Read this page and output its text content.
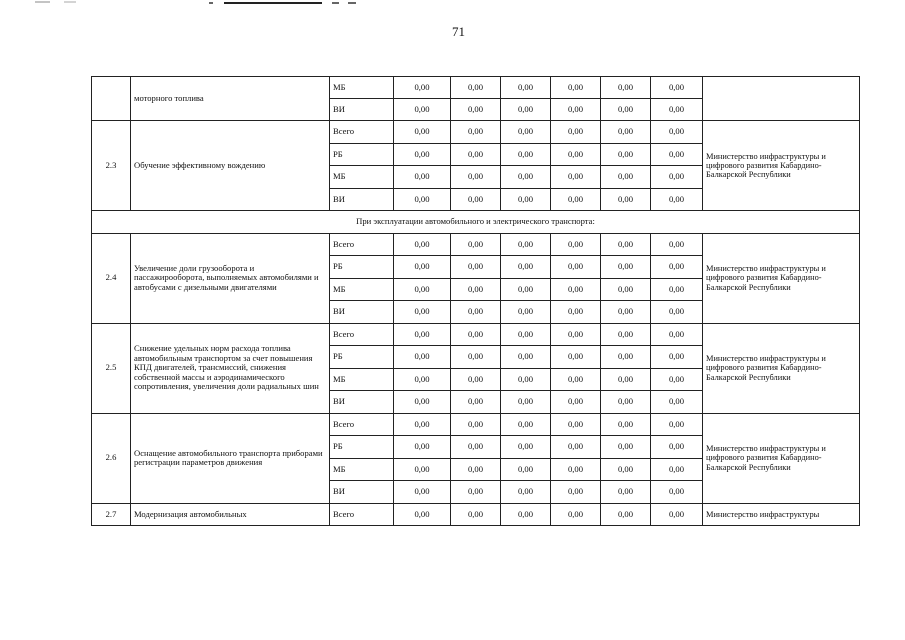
71
	моторного топлива	МБ	0,00	0,00	0,00	0,00	0,00	0,00	
		ВИ	0,00	0,00	0,00	0,00	0,00	0,00	
2.3	Обучение эффективному вождению	Всего	0,00	0,00	0,00	0,00	0,00	0,00	Министерство инфраструктуры и цифрового развития Кабардино-Балкарской Республики
		РБ	0,00	0,00	0,00	0,00	0,00	0,00	
		МБ	0,00	0,00	0,00	0,00	0,00	0,00	
		ВИ	0,00	0,00	0,00	0,00	0,00	0,00	
При эксплуатации автомобильного и электрического транспорта:									
2.4	Увеличение доли грузооборота и пассажирооборота, выполняемых автомобилями и автобусами с дизельными двигателями	Всего	0,00	0,00	0,00	0,00	0,00	0,00	Министерство инфраструктуры и цифрового развития Кабардино-Балкарской Республики
		РБ	0,00	0,00	0,00	0,00	0,00	0,00	
		МБ	0,00	0,00	0,00	0,00	0,00	0,00	
		ВИ	0,00	0,00	0,00	0,00	0,00	0,00	
2.5	Снижение удельных норм расхода топлива автомобильным транспортом за счет повышения КПД двигателей, трансмиссий, снижения собственной массы и аэродинамического сопротивления, увеличения доли радиальных шин	Всего	0,00	0,00	0,00	0,00	0,00	0,00	Министерство инфраструктуры и цифрового развития Кабардино-Балкарской Республики
		РБ	0,00	0,00	0,00	0,00	0,00	0,00	
		МБ	0,00	0,00	0,00	0,00	0,00	0,00	
		ВИ	0,00	0,00	0,00	0,00	0,00	0,00	
2.6	Оснащение автомобильного транспорта приборами регистрации параметров движения	Всего	0,00	0,00	0,00	0,00	0,00	0,00	Министерство инфраструктуры и цифрового развития Кабардино-Балкарской Республики
		РБ	0,00	0,00	0,00	0,00	0,00	0,00	
		МБ	0,00	0,00	0,00	0,00	0,00	0,00	
		ВИ	0,00	0,00	0,00	0,00	0,00	0,00	
2.7	Модернизация автомобильных	Всего	0,00	0,00	0,00	0,00	0,00	0,00	Министерство инфраструктуры
